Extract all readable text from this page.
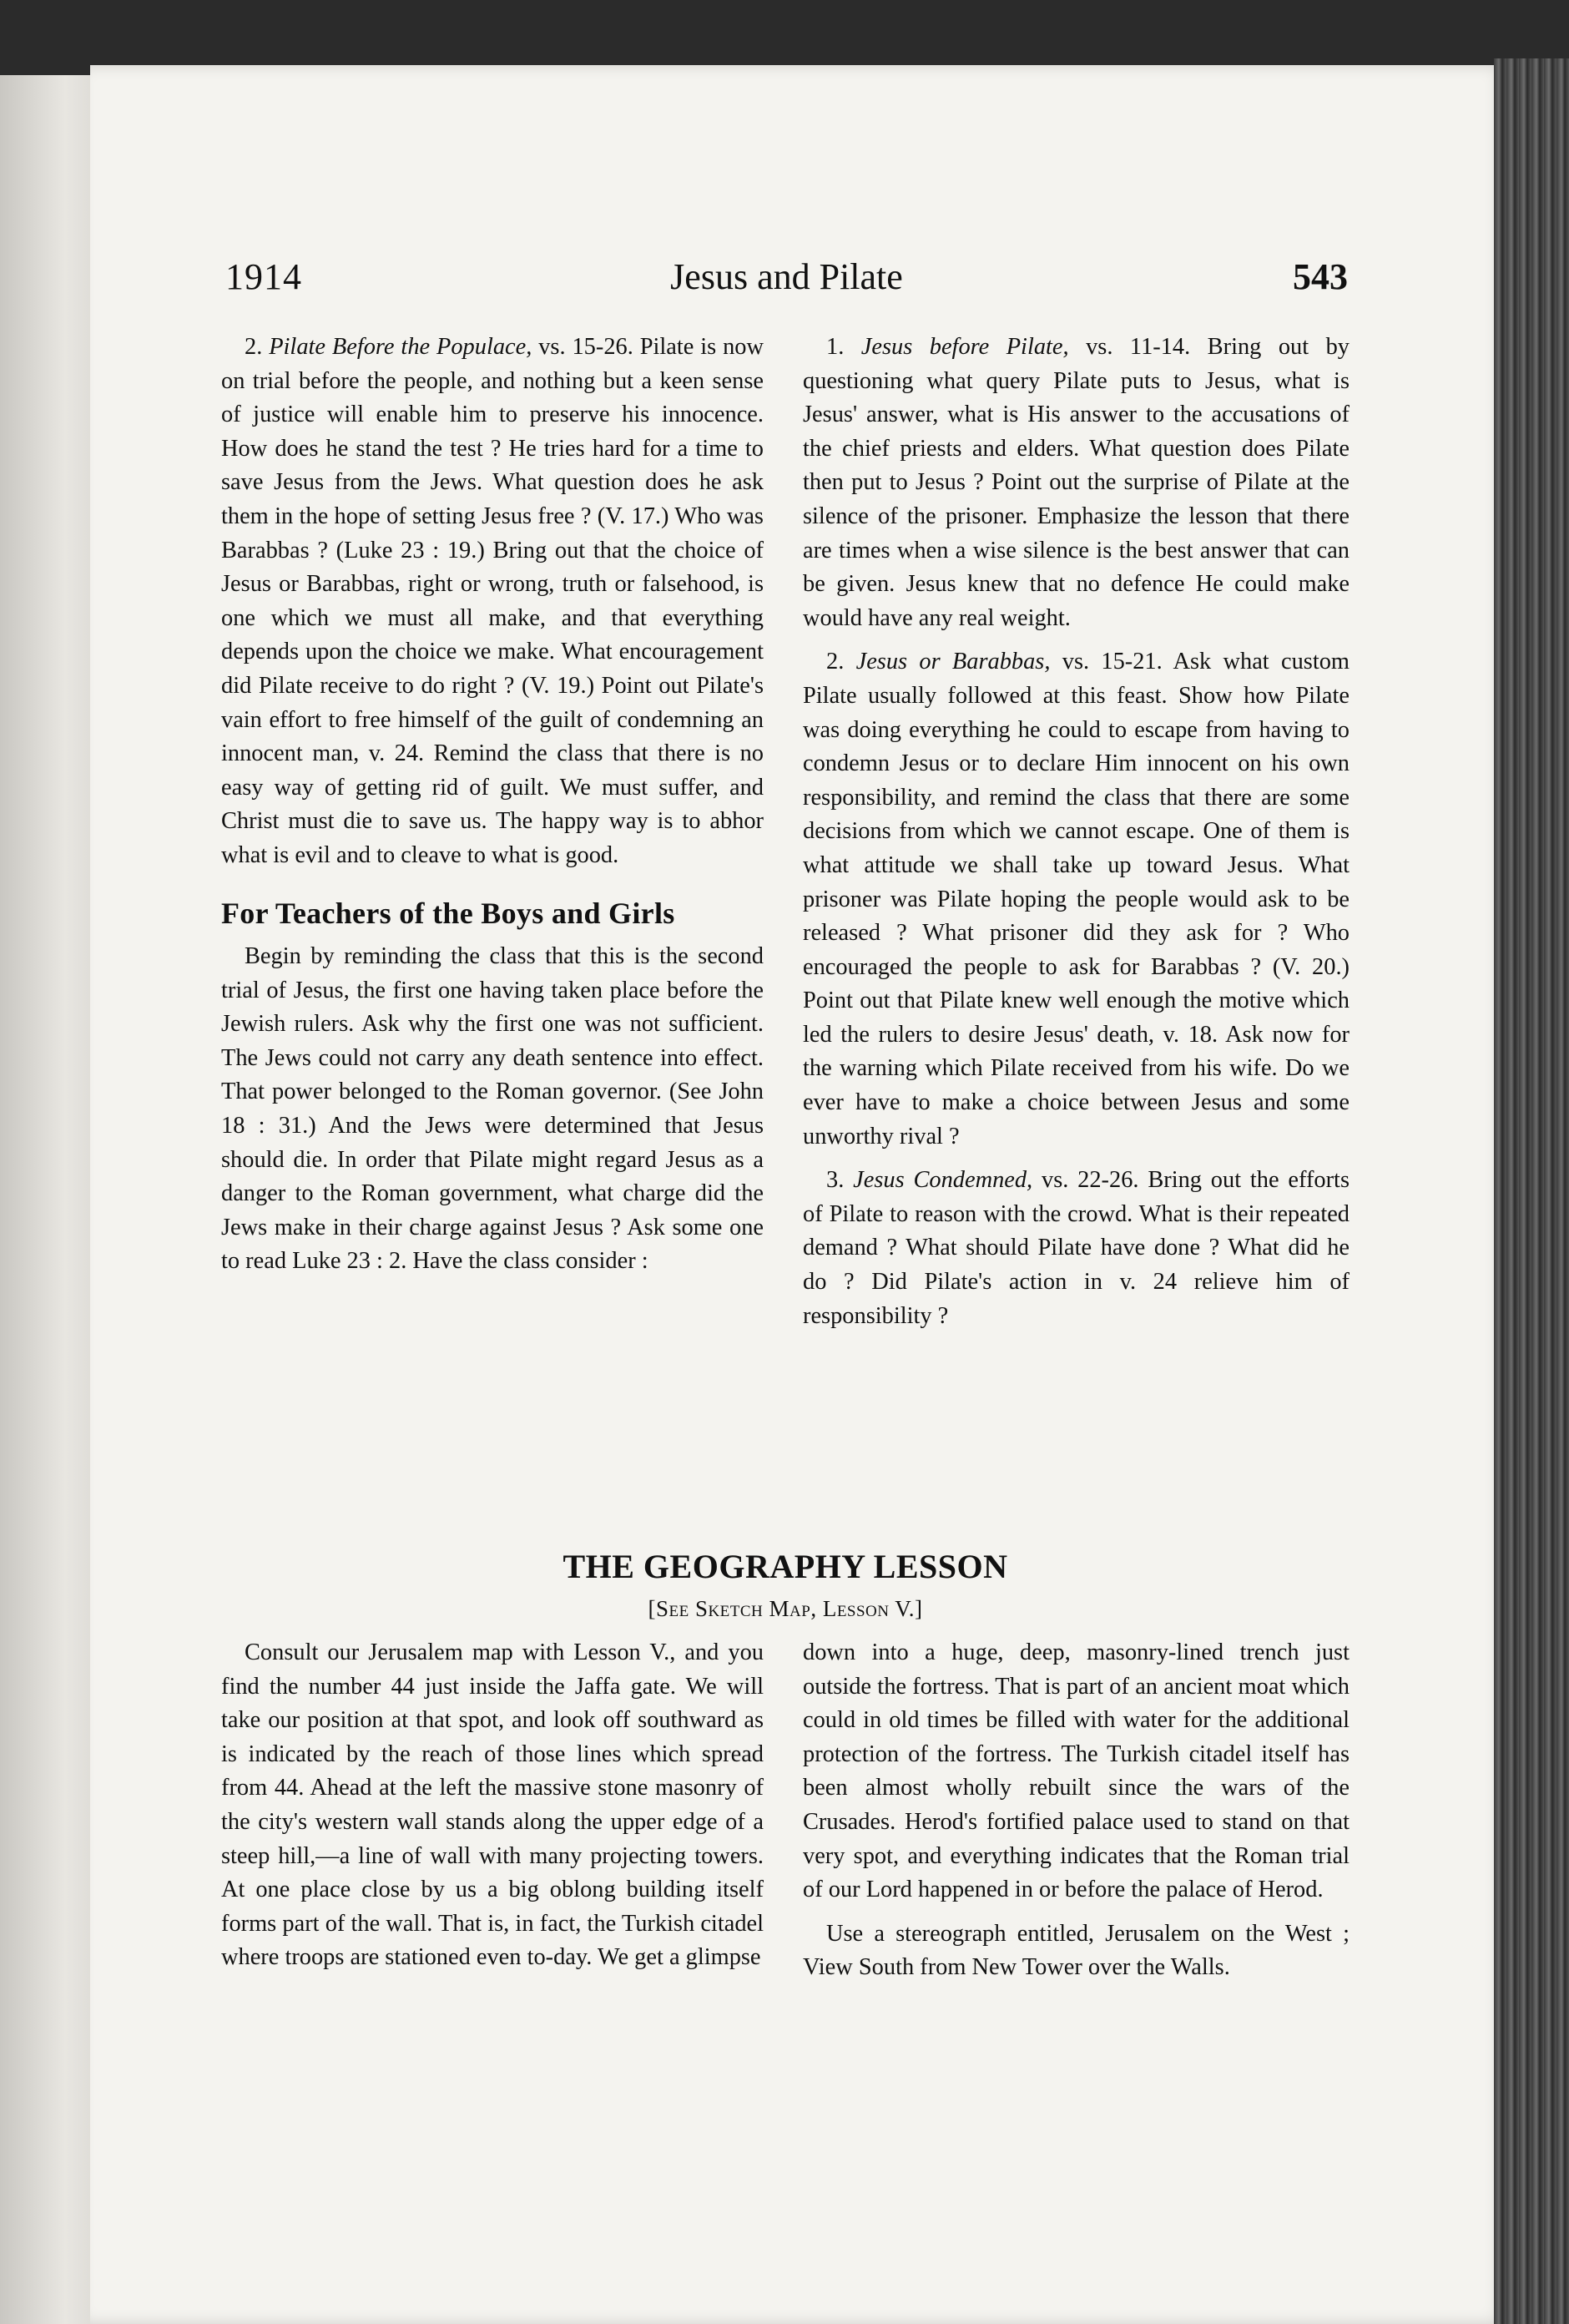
1914	Jesus and Pilate	543

2. Pilate Before the Populace, vs. 15-26. Pilate is now on trial before the people, and nothing but a keen sense of justice will enable him to preserve his innocence. How does he stand the test ? He tries hard for a time to save Jesus from the Jews. What question does he ask them in the hope of setting Jesus free ? (V. 17.) Who was Barabbas ? (Luke 23 : 19.) Bring out that the choice of Jesus or Barabbas, right or wrong, truth or falsehood, is one which we must all make, and that everything depends upon the choice we make. What encouragement did Pilate receive to do right ? (V. 19.) Point out Pilate's vain effort to free himself of the guilt of condemning an innocent man, v. 24. Remind the class that there is no easy way of getting rid of guilt. We must suffer, and Christ must die to save us. The happy way is to abhor what is evil and to cleave to what is good.

For Teachers of the Boys and Girls

Begin by reminding the class that this is the second trial of Jesus, the first one having taken place before the Jewish rulers. Ask why the first one was not sufficient. The Jews could not carry any death sentence into effect. That power belonged to the Roman governor. (See John 18 : 31.) And the Jews were determined that Jesus should die. In order that Pilate might regard Jesus as a danger to the Roman government, what charge did the Jews make in their charge against Jesus ? Ask some one to read Luke 23 : 2. Have the class consider :

1. Jesus before Pilate, vs. 11-14. Bring out by questioning what query Pilate puts to Jesus, what is Jesus' answer, what is His answer to the accusations of the chief priests and elders. What question does Pilate then put to Jesus ? Point out the surprise of Pilate at the silence of the prisoner. Emphasize the lesson that there are times when a wise silence is the best answer that can be given. Jesus knew that no defence He could make would have any real weight.

2. Jesus or Barabbas, vs. 15-21. Ask what custom Pilate usually followed at this feast. Show how Pilate was doing everything he could to escape from having to condemn Jesus or to declare Him innocent on his own responsibility, and remind the class that there are some decisions from which we cannot escape. One of them is what attitude we shall take up toward Jesus. What prisoner was Pilate hoping the people would ask to be released ? What prisoner did they ask for ? Who encouraged the people to ask for Barabbas ? (V. 20.) Point out that Pilate knew well enough the motive which led the rulers to desire Jesus' death, v. 18. Ask now for the warning which Pilate received from his wife. Do we ever have to make a choice between Jesus and some unworthy rival ?

3. Jesus Condemned, vs. 22-26. Bring out the efforts of Pilate to reason with the crowd. What is their repeated demand ? What should Pilate have done ? What did he do ? Did Pilate's action in v. 24 relieve him of responsibility ?

THE GEOGRAPHY LESSON
[See Sketch Map, Lesson V.]

Consult our Jerusalem map with Lesson V., and you find the number 44 just inside the Jaffa gate. We will take our position at that spot, and look off southward as is indicated by the reach of those lines which spread from 44. Ahead at the left the massive stone masonry of the city's western wall stands along the upper edge of a steep hill,—a line of wall with many projecting towers. At one place close by us a big oblong building itself forms part of the wall. That is, in fact, the Turkish citadel where troops are stationed even to-day. We get a glimpse

down into a huge, deep, masonry-lined trench just outside the fortress. That is part of an ancient moat which could in old times be filled with water for the additional protection of the fortress. The Turkish citadel itself has been almost wholly rebuilt since the wars of the Crusades. Herod's fortified palace used to stand on that very spot, and everything indicates that the Roman trial of our Lord happened in or before the palace of Herod.

Use a stereograph entitled, Jerusalem on the West ; View South from New Tower over the Walls.
